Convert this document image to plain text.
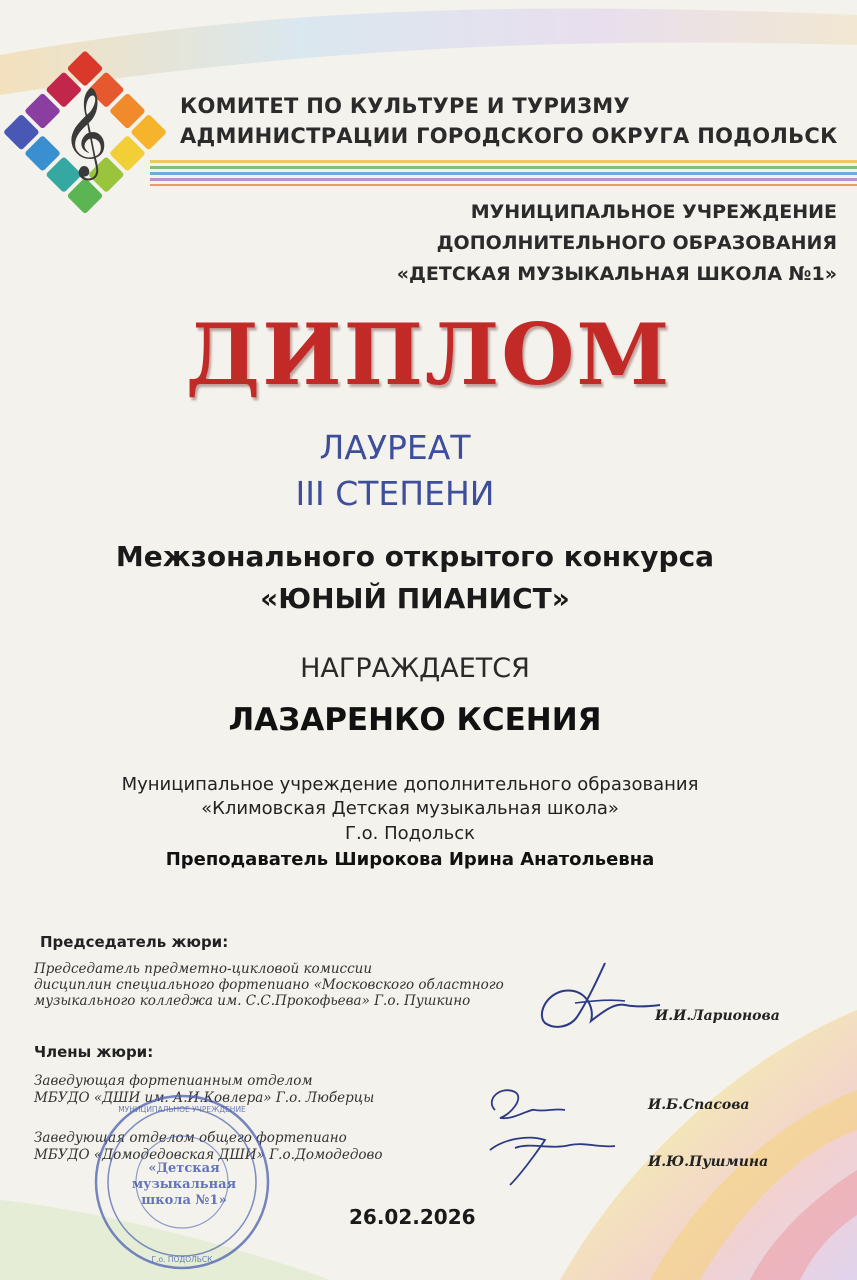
𝄞	КОМИТЕТ ПО КУЛЬТУРЕ И ТУРИЗМУ
АДМИНИСТРАЦИИ ГОРОДСКОГО ОКРУГА ПОДОЛЬСК
МУНИЦИПАЛЬНОЕ УЧРЕЖДЕНИЕ
ДОПОЛНИТЕЛЬНОГО ОБРАЗОВАНИЯ
«ДЕТСКАЯ МУЗЫКАЛЬНАЯ ШКОЛА №1»
ДИПЛОМ
ЛАУРЕАТ
III СТЕПЕНИ
Межзонального открытого конкурса
«ЮНЫЙ ПИАНИСТ»
НАГРАЖДАЕТСЯ
ЛАЗАРЕНКО КСЕНИЯ
Муниципальное учреждение дополнительного образования
«Климовская Детская музыкальная школа»
Г.о. Подольск
Преподаватель Широкова Ирина Анатольевна
Председатель жюри:
Председатель предметно-цикловой комиссии
дисциплин специального фортепиано «Московского областного
музыкального колледжа им. С.С.Прокофьева» Г.о. Пушкино
И.И.Ларионова
Члены жюри:
Заведующая фортепианным отделом
МБУДО «ДШИ им. А.И.Ковлера» Г.о. Люберцы	И.Б.Спасова
Заведующая отделом общего фортепиано
МБУДО «Домодедовская ДШИ» Г.о.Домодедово	И.Ю.Пушмина
МУНИЦИПАЛЬНОЕ УЧРЕЖДЕНИЕ
Г.о. ПОДОЛЬСК
«Детская
музыкальная
школа №1»
26.02.2026
